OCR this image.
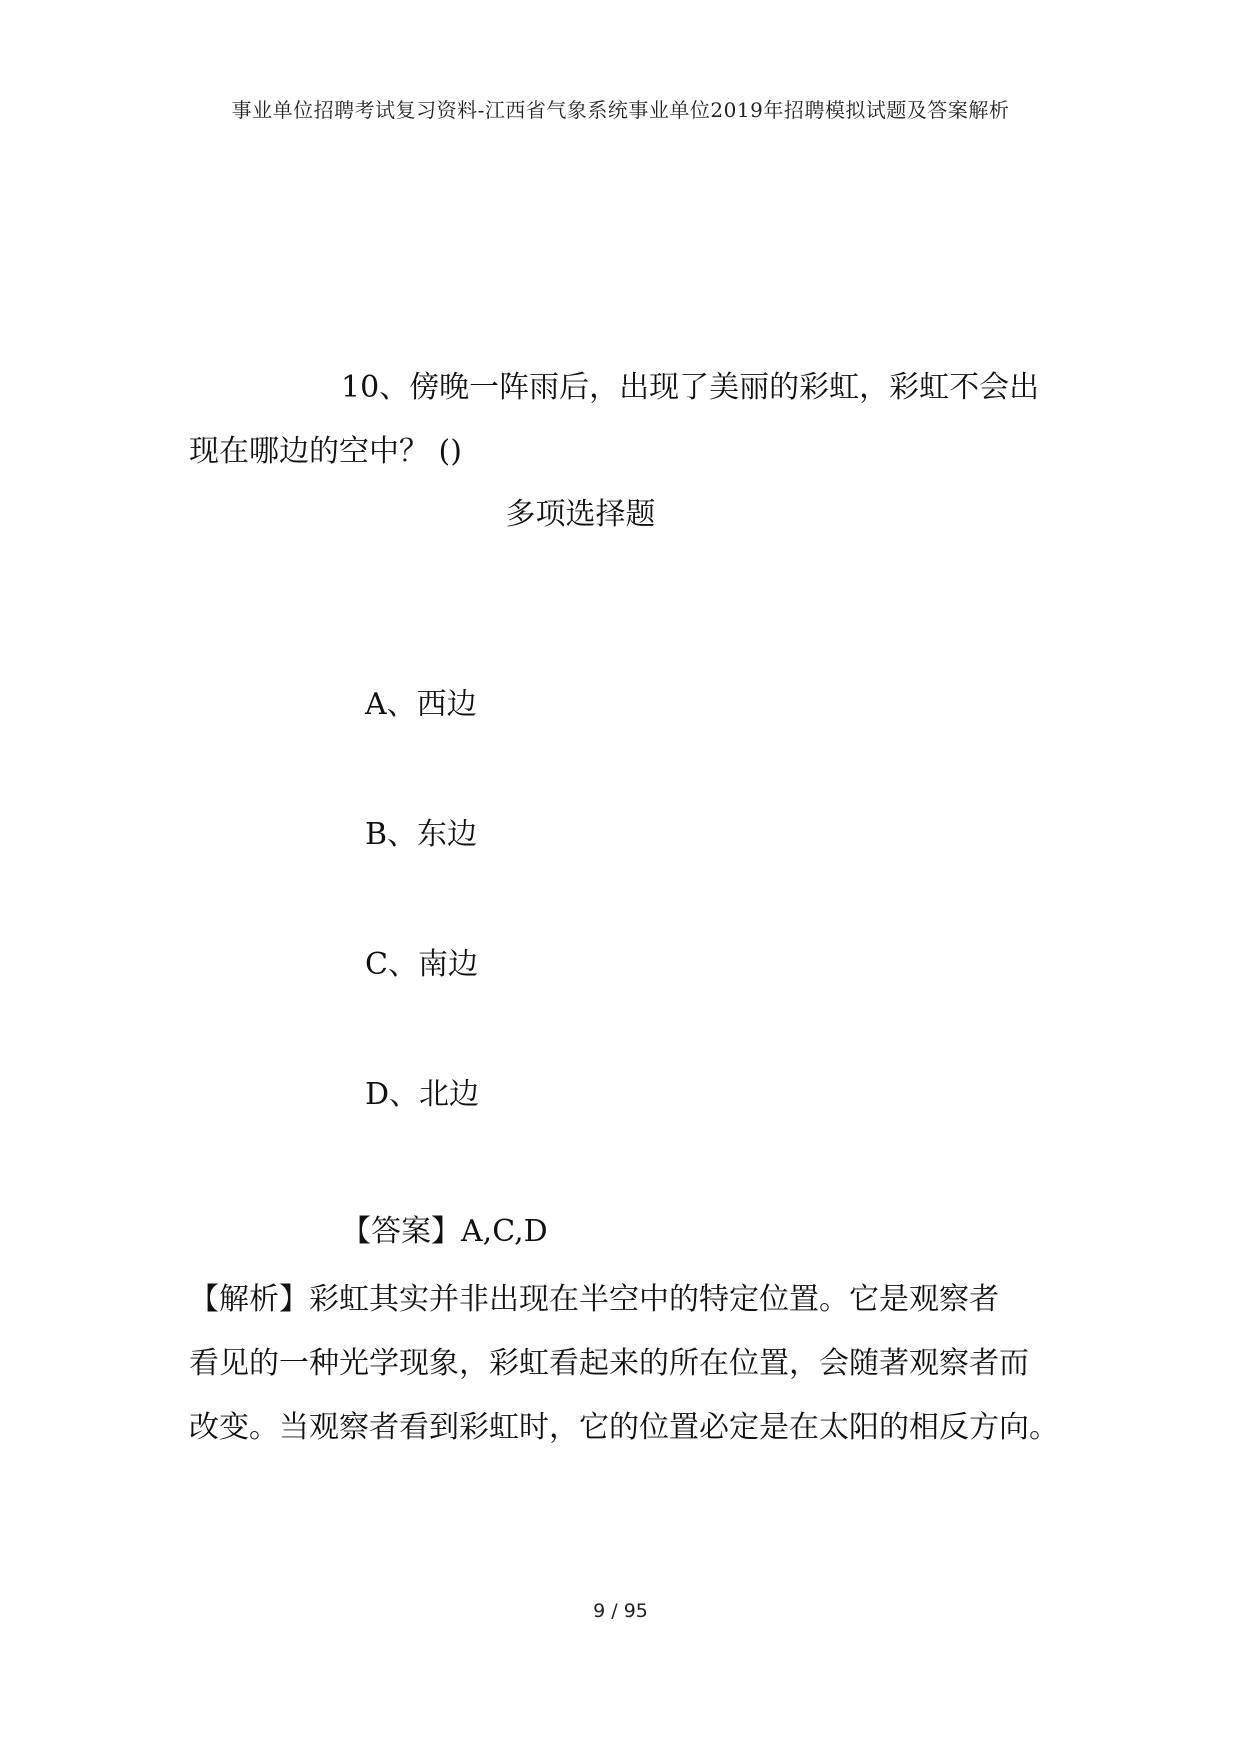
事业单位招聘考试复习资料-江西省气象系统事业单位2019年招聘模拟试题及答案解析
10、傍晚一阵雨后，出现了美丽的彩虹，彩虹不会出
现在哪边的空中？ ()
多项选择题
A、西边
B、东边
C、南边
D、北边
【答案】A,C,D
【解析】彩虹其实并非出现在半空中的特定位置。它是观察者
看见的一种光学现象，彩虹看起来的所在位置，会随著观察者而
改变。当观察者看到彩虹时，它的位置必定是在太阳的相反方向。
9 / 95
